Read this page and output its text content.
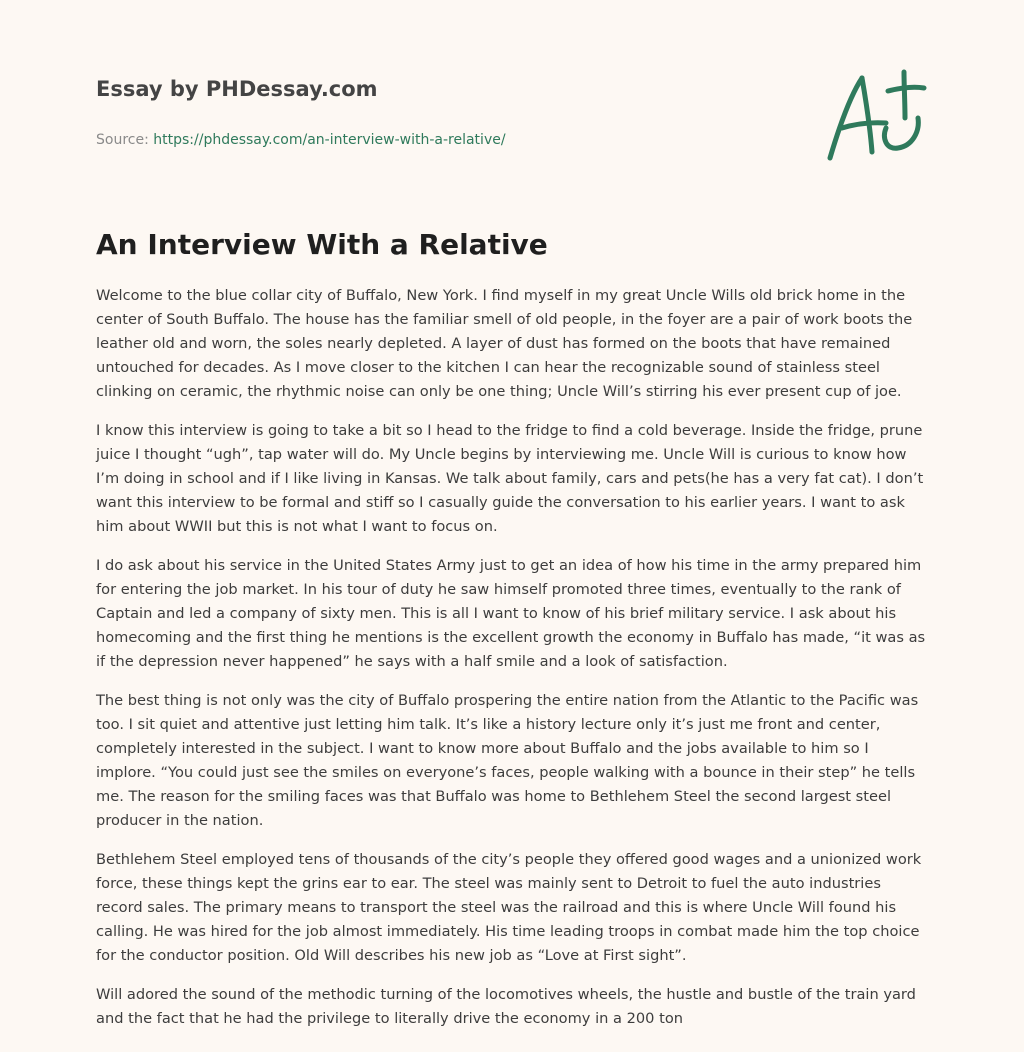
Essay by PHDessay.com
Source: https://phdessay.com/an-interview-with-a-relative/
An Interview With a Relative

Welcome to the blue collar city of Buffalo, New York. I find myself in my great Uncle Wills old brick home in the center of South Buffalo. The house has the familiar smell of old people, in the foyer are a pair of work boots the leather old and worn, the soles nearly depleted. A layer of dust has formed on the boots that have remained untouched for decades. As I move closer to the kitchen I can hear the recognizable sound of stainless steel clinking on ceramic, the rhythmic noise can only be one thing; Uncle Will’s stirring his ever present cup of joe.

I know this interview is going to take a bit so I head to the fridge to find a cold beverage. Inside the fridge, prune juice I thought “ugh”, tap water will do. My Uncle begins by interviewing me. Uncle Will is curious to know how I’m doing in school and if I like living in Kansas. We talk about family, cars and pets(he has a very fat cat). I don’t want this interview to be formal and stiff so I casually guide the conversation to his earlier years. I want to ask him about WWII but this is not what I want to focus on.

I do ask about his service in the United States Army just to get an idea of how his time in the army prepared him for entering the job market. In his tour of duty he saw himself promoted three times, eventually to the rank of Captain and led a company of sixty men. This is all I want to know of his brief military service. I ask about his homecoming and the first thing he mentions is the excellent growth the economy in Buffalo has made, “it was as if the depression never happened” he says with a half smile and a look of satisfaction.

The best thing is not only was the city of Buffalo prospering the entire nation from the Atlantic to the Pacific was too. I sit quiet and attentive just letting him talk. It’s like a history lecture only it’s just me front and center, completely interested in the subject. I want to know more about Buffalo and the jobs available to him so I implore. “You could just see the smiles on everyone’s faces, people walking with a bounce in their step” he tells me. The reason for the smiling faces was that Buffalo was home to Bethlehem Steel the second largest steel producer in the nation.

Bethlehem Steel employed tens of thousands of the city’s people they offered good wages and a unionized work force, these things kept the grins ear to ear. The steel was mainly sent to Detroit to fuel the auto industries record sales. The primary means to transport the steel was the railroad and this is where Uncle Will found his calling. He was hired for the job almost immediately. His time leading troops in combat made him the top choice for the conductor position. Old Will describes his new job as “Love at First sight”.

Will adored the sound of the methodic turning of the locomotives wheels, the hustle and bustle of the train yard and the fact that he had the privilege to literally drive the economy in a 200 ton
